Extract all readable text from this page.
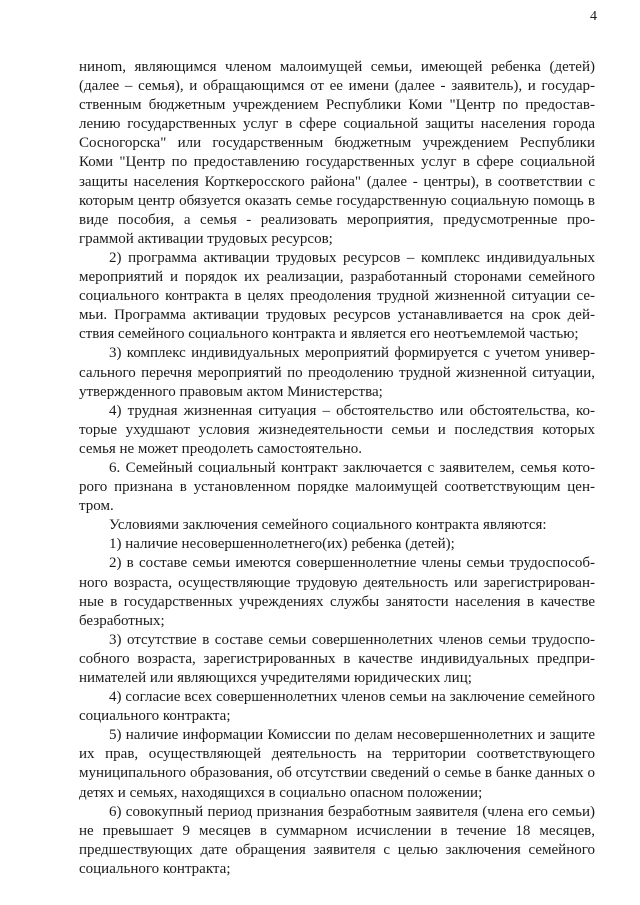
4

ниноm, являющимся членом малоимущей семьи, имеющей ребенка (детей) (далее – семья), и обращающимся от ее имени (далее - заявитель), и государственным бюджетным учреждением Республики Коми "Центр по предоставлению государственных услуг в сфере социальной защиты населения города Сосногорска" или государственным бюджетным учреждением Республики Коми "Центр по предоставлению государственных услуг в сфере социальной защиты населения Корткеросского района" (далее - центры), в соответствии с которым центр обязуется оказать семье государственную социальную помощь в виде пособия, а семья - реализовать мероприятия, предусмотренные программой активации трудовых ресурсов;

2) программа активации трудовых ресурсов – комплекс индивидуальных мероприятий и порядок их реализации, разработанный сторонами семейного социального контракта в целях преодоления трудной жизненной ситуации семьи. Программа активации трудовых ресурсов устанавливается на срок действия семейного социального контракта и является его неотъемлемой частью;

3) комплекс индивидуальных мероприятий формируется с учетом универсального перечня мероприятий по преодолению трудной жизненной ситуации, утвержденного правовым актом Министерства;

4) трудная жизненная ситуация – обстоятельство или обстоятельства, которые ухудшают условия жизнедеятельности семьи и последствия которых семья не может преодолеть самостоятельно.

6. Семейный социальный контракт заключается с заявителем, семья которого признана в установленном порядке малоимущей соответствующим центром.

Условиями заключения семейного социального контракта являются:

1) наличие несовершеннолетнего(их) ребенка (детей);

2) в составе семьи имеются совершеннолетние члены семьи трудоспособного возраста, осуществляющие трудовую деятельность или зарегистрированные в государственных учреждениях службы занятости населения в качестве безработных;

3) отсутствие в составе семьи совершеннолетних членов семьи трудоспособного возраста, зарегистрированных в качестве индивидуальных предпринимателей или являющихся учредителями юридических лиц;

4) согласие всех совершеннолетних членов семьи на заключение семейного социального контракта;

5) наличие информации Комиссии по делам несовершеннолетних и защите их прав, осуществляющей деятельность на территории соответствующего муниципального образования, об отсутствии сведений о семье в банке данных о детях и семьях, находящихся в социально опасном положении;

6) совокупный период признания безработным заявителя (члена его семьи) не превышает 9 месяцев в суммарном исчислении в течение 18 месяцев, предшествующих дате обращения заявителя с целью заключения семейного социального контракта;
